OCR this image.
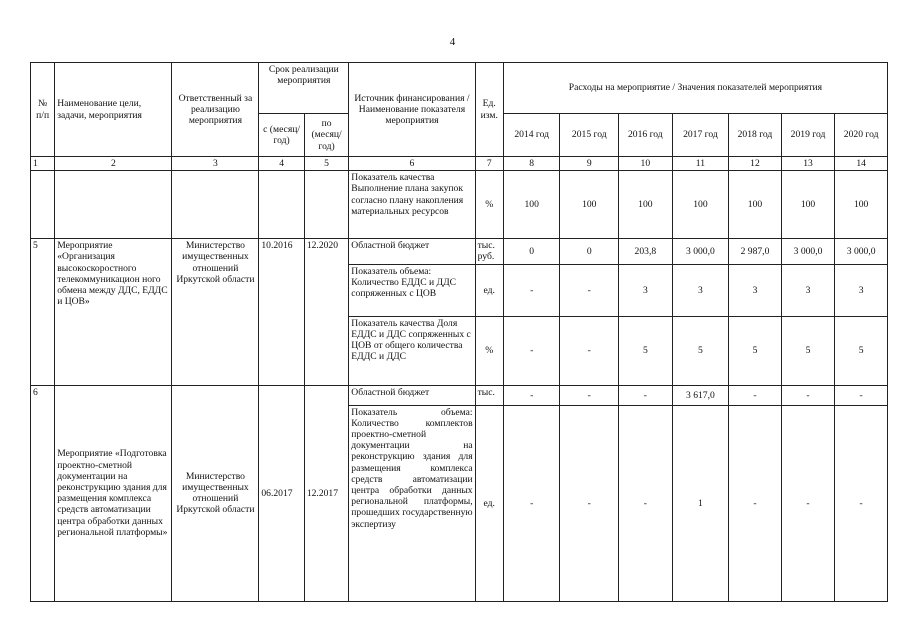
4
№ п/п	Наименование цели, задачи, мероприятия	Ответственный за реализацию мероприятия	Срок реализации мероприятия		Источник финансирования / Наименование показателя мероприятия	Ед. изм.	Расходы на мероприятие / Значения показателей мероприятия						
			с (месяц/ год)	по (месяц/ год)			2014 год	2015 год	2016 год	2017 год	2018 год	2019 год	2020 год
1	2	3	4	5	6	7	8	9	10	11	12	13	14
					Показатель качества Выполнение плана закупок согласно плану накопления материальных ресурсов	%	100	100	100	100	100	100	100
5	Мероприятие «Организация высокоскоростного телекоммуникацион ного обмена между ДДС, ЕДДС и ЦОВ»	Министерство имущественных отношений Иркутской области	10.2016	12.2020	Областной бюджет	тыс. руб.	0	0	203,8	3 000,0	2 987,0	3 000,0	3 000,0
					Показатель объема: Количество ЕДДС и ДДС сопряженных с ЦОВ	ед.	-	-	3	3	3	3	3
					Показатель качества Доля ЕДДС и ДДС сопряженных с ЦОВ от общего количества ЕДДС и ДДС	%	-	-	5	5	5	5	5
6	Мероприятие «Подготовка проектно-сметной документации на реконструкцию здания для размещения комплекса средств автоматизации центра обработки данных региональной платформы»	Министерство имущественных отношений Иркутской области	06.2017	12.2017	Областной бюджет	тыс.	-	-	-	3 617,0	-	-	-
					Показатель объема: Количество комплектов проектно-сметной документации на реконструкцию здания для размещения комплекса средств автоматизации центра обработки данных региональной платформы, прошедших государственную экспертизу	ед.	-	-	-	1	-	-	-
